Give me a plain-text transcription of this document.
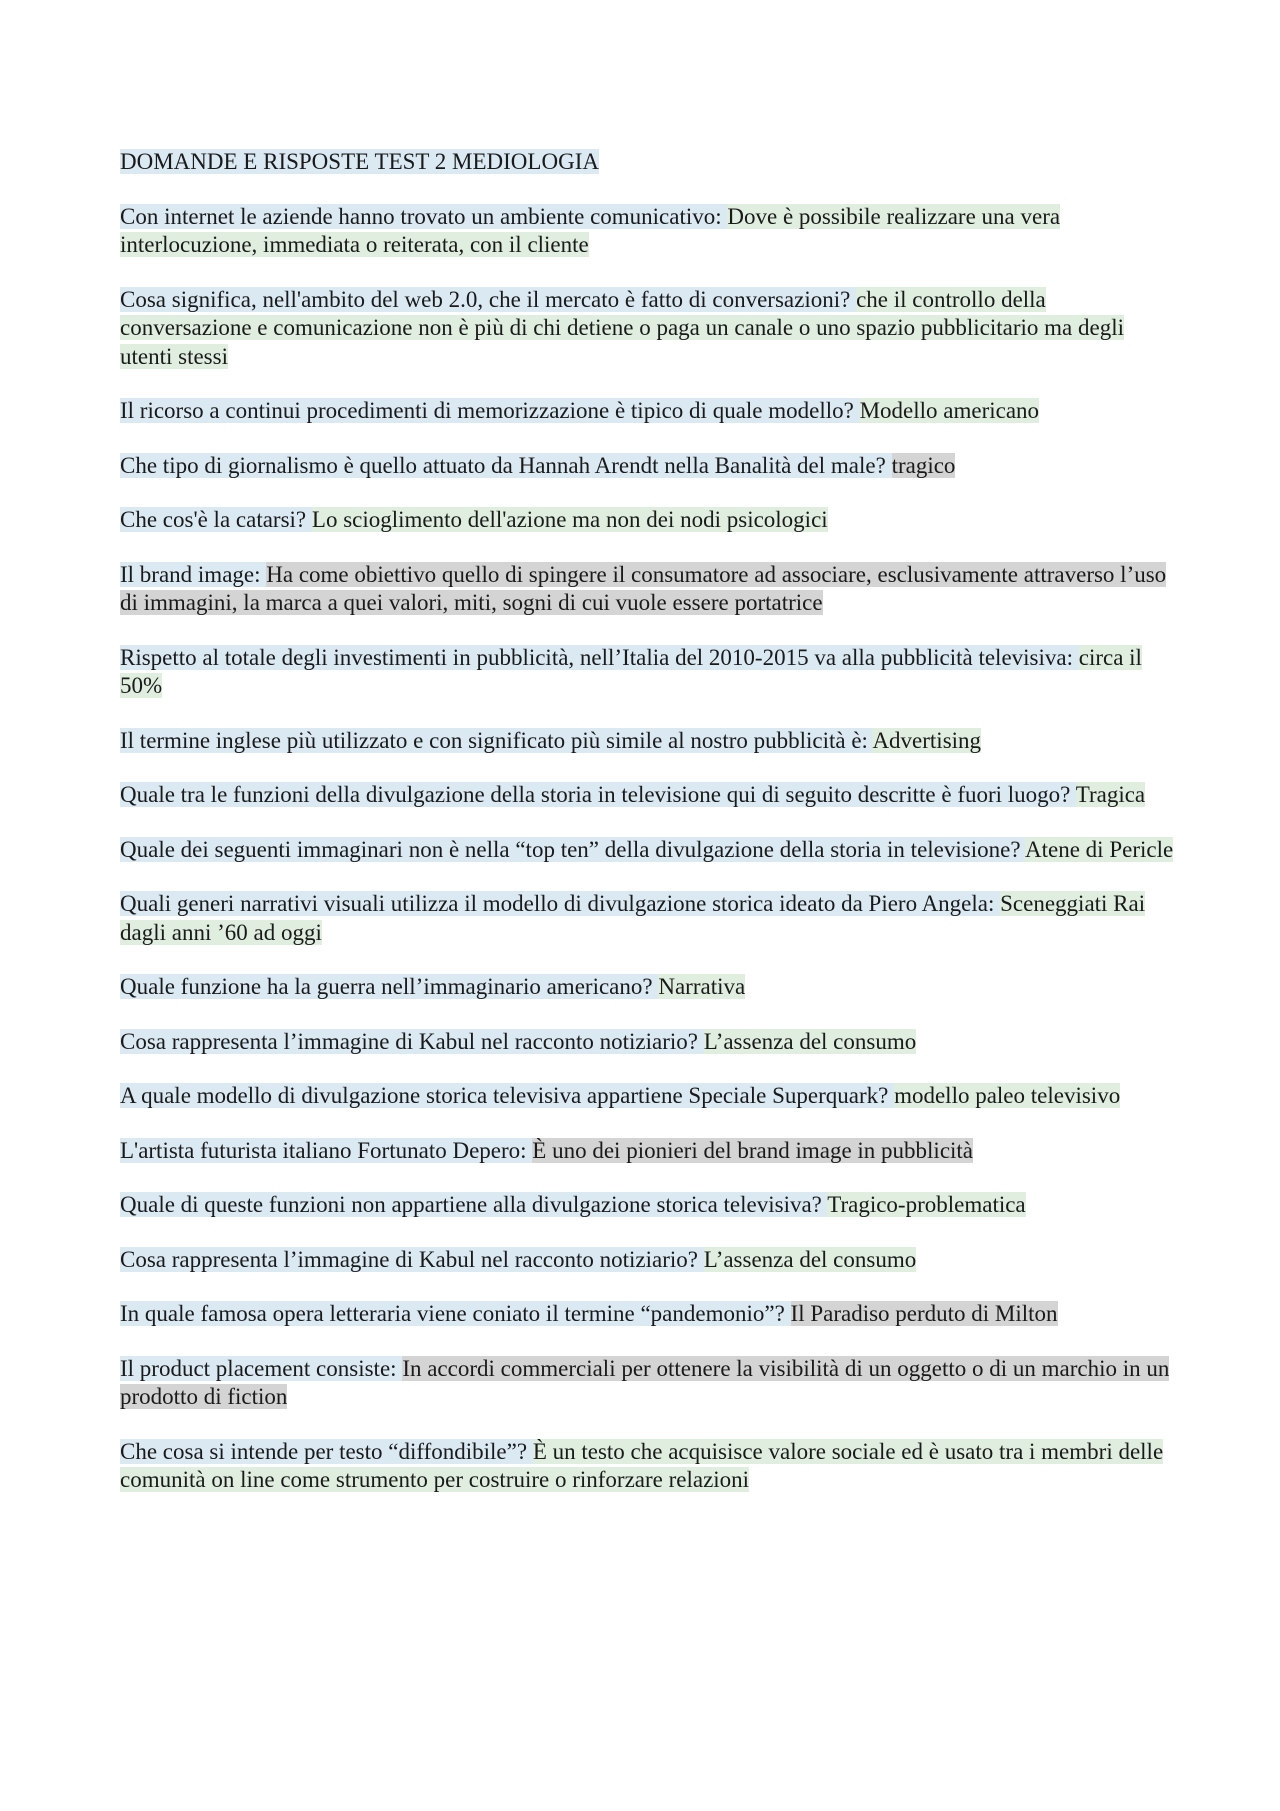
DOMANDE E RISPOSTE TEST 2 MEDIOLOGIA
Con internet le aziende hanno trovato un ambiente comunicativo: Dove è possibile realizzare una vera interlocuzione, immediata o reiterata, con il cliente
Cosa significa, nell'ambito del web 2.0, che il mercato è fatto di conversazioni? che il controllo della conversazione e comunicazione non è più di chi detiene o paga un canale o uno spazio pubblicitario ma degli utenti stessi
Il ricorso a continui procedimenti di memorizzazione è tipico di quale modello? Modello americano
Che tipo di giornalismo è quello attuato da Hannah Arendt nella Banalità del male? tragico
Che cos'è la catarsi? Lo scioglimento dell'azione ma non dei nodi psicologici
Il brand image: Ha come obiettivo quello di spingere il consumatore ad associare, esclusivamente attraverso l’uso di immagini, la marca a quei valori, miti, sogni di cui vuole essere portatrice
Rispetto al totale degli investimenti in pubblicità, nell’Italia del 2010-2015 va alla pubblicità televisiva: circa il 50%
Il termine inglese più utilizzato e con significato più simile al nostro pubblicità è: Advertising
Quale tra le funzioni della divulgazione della storia in televisione qui di seguito descritte è fuori luogo? Tragica
Quale dei seguenti immaginari non è nella “top ten” della divulgazione della storia in televisione? Atene di Pericle
Quali generi narrativi visuali utilizza il modello di divulgazione storica ideato da Piero Angela: Sceneggiati Rai dagli anni ’60 ad oggi
Quale funzione ha la guerra nell’immaginario americano? Narrativa
Cosa rappresenta l’immagine di Kabul nel racconto notiziario? L’assenza del consumo
A quale modello di divulgazione storica televisiva appartiene Speciale Superquark? modello paleo televisivo
L'artista futurista italiano Fortunato Depero: È uno dei pionieri del brand image in pubblicità
Quale di queste funzioni non appartiene alla divulgazione storica televisiva? Tragico-problematica
Cosa rappresenta l’immagine di Kabul nel racconto notiziario? L’assenza del consumo
In quale famosa opera letteraria viene coniato il termine “pandemonio”? Il Paradiso perduto di Milton
Il product placement consiste: In accordi commerciali per ottenere la visibilità di un oggetto o di un marchio in un prodotto di fiction
Che cosa si intende per testo “diffondibile”? È un testo che acquisisce valore sociale ed è usato tra i membri delle comunità on line come strumento per costruire o rinforzare relazioni
